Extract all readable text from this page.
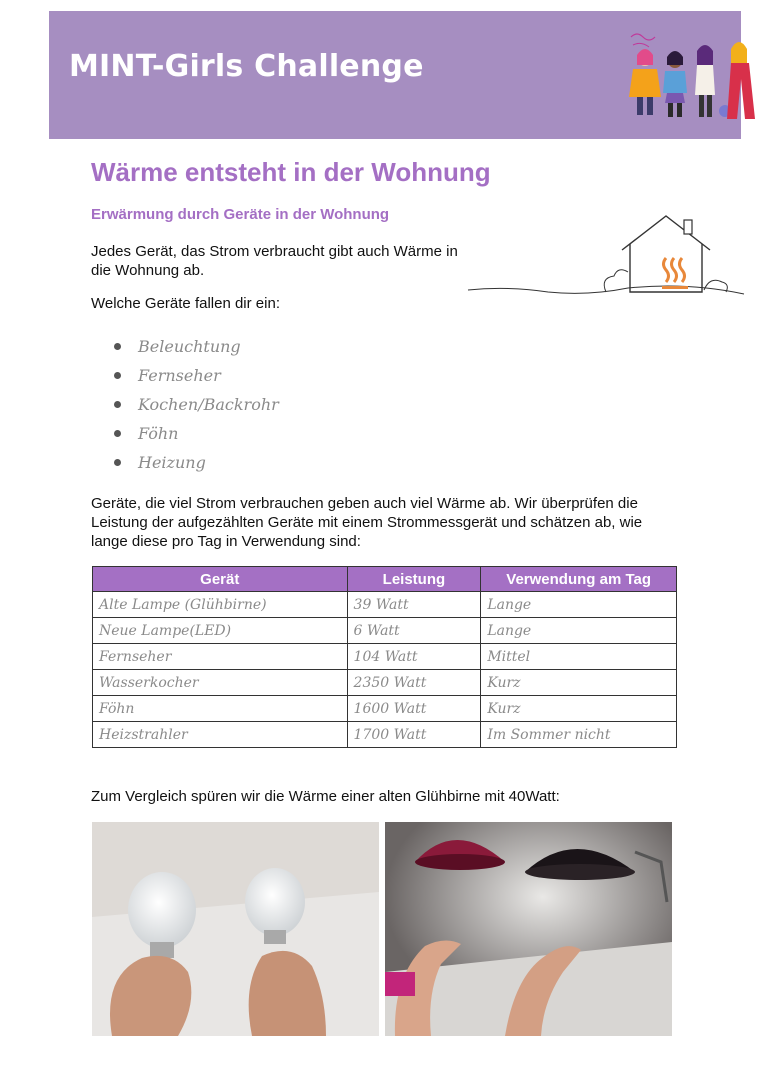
MINT-Girls Challenge
Wärme entsteht in der Wohnung
Erwärmung durch Geräte in der Wohnung
Jedes Gerät, das Strom verbraucht gibt auch Wärme in die Wohnung ab.
Welche Geräte fallen dir ein:
Beleuchtung
Fernseher
Kochen/Backrohr
Föhn
Heizung
Geräte, die viel Strom verbrauchen geben auch viel Wärme ab. Wir überprüfen die Leistung der aufgezählten Geräte mit einem Strommessgerät und schätzen ab, wie lange diese pro Tag in Verwendung sind:
Gerät	Leistung	Verwendung am Tag
Alte Lampe (Glühbirne)	39 Watt	Lange
Neue Lampe(LED)	6 Watt	Lange
Fernseher	104 Watt	Mittel
Wasserkocher	2350 Watt	Kurz
Föhn	1600 Watt	Kurz
Heizstrahler	1700 Watt	Im Sommer nicht
Zum Vergleich spüren wir die Wärme einer alten Glühbirne mit 40Watt:
